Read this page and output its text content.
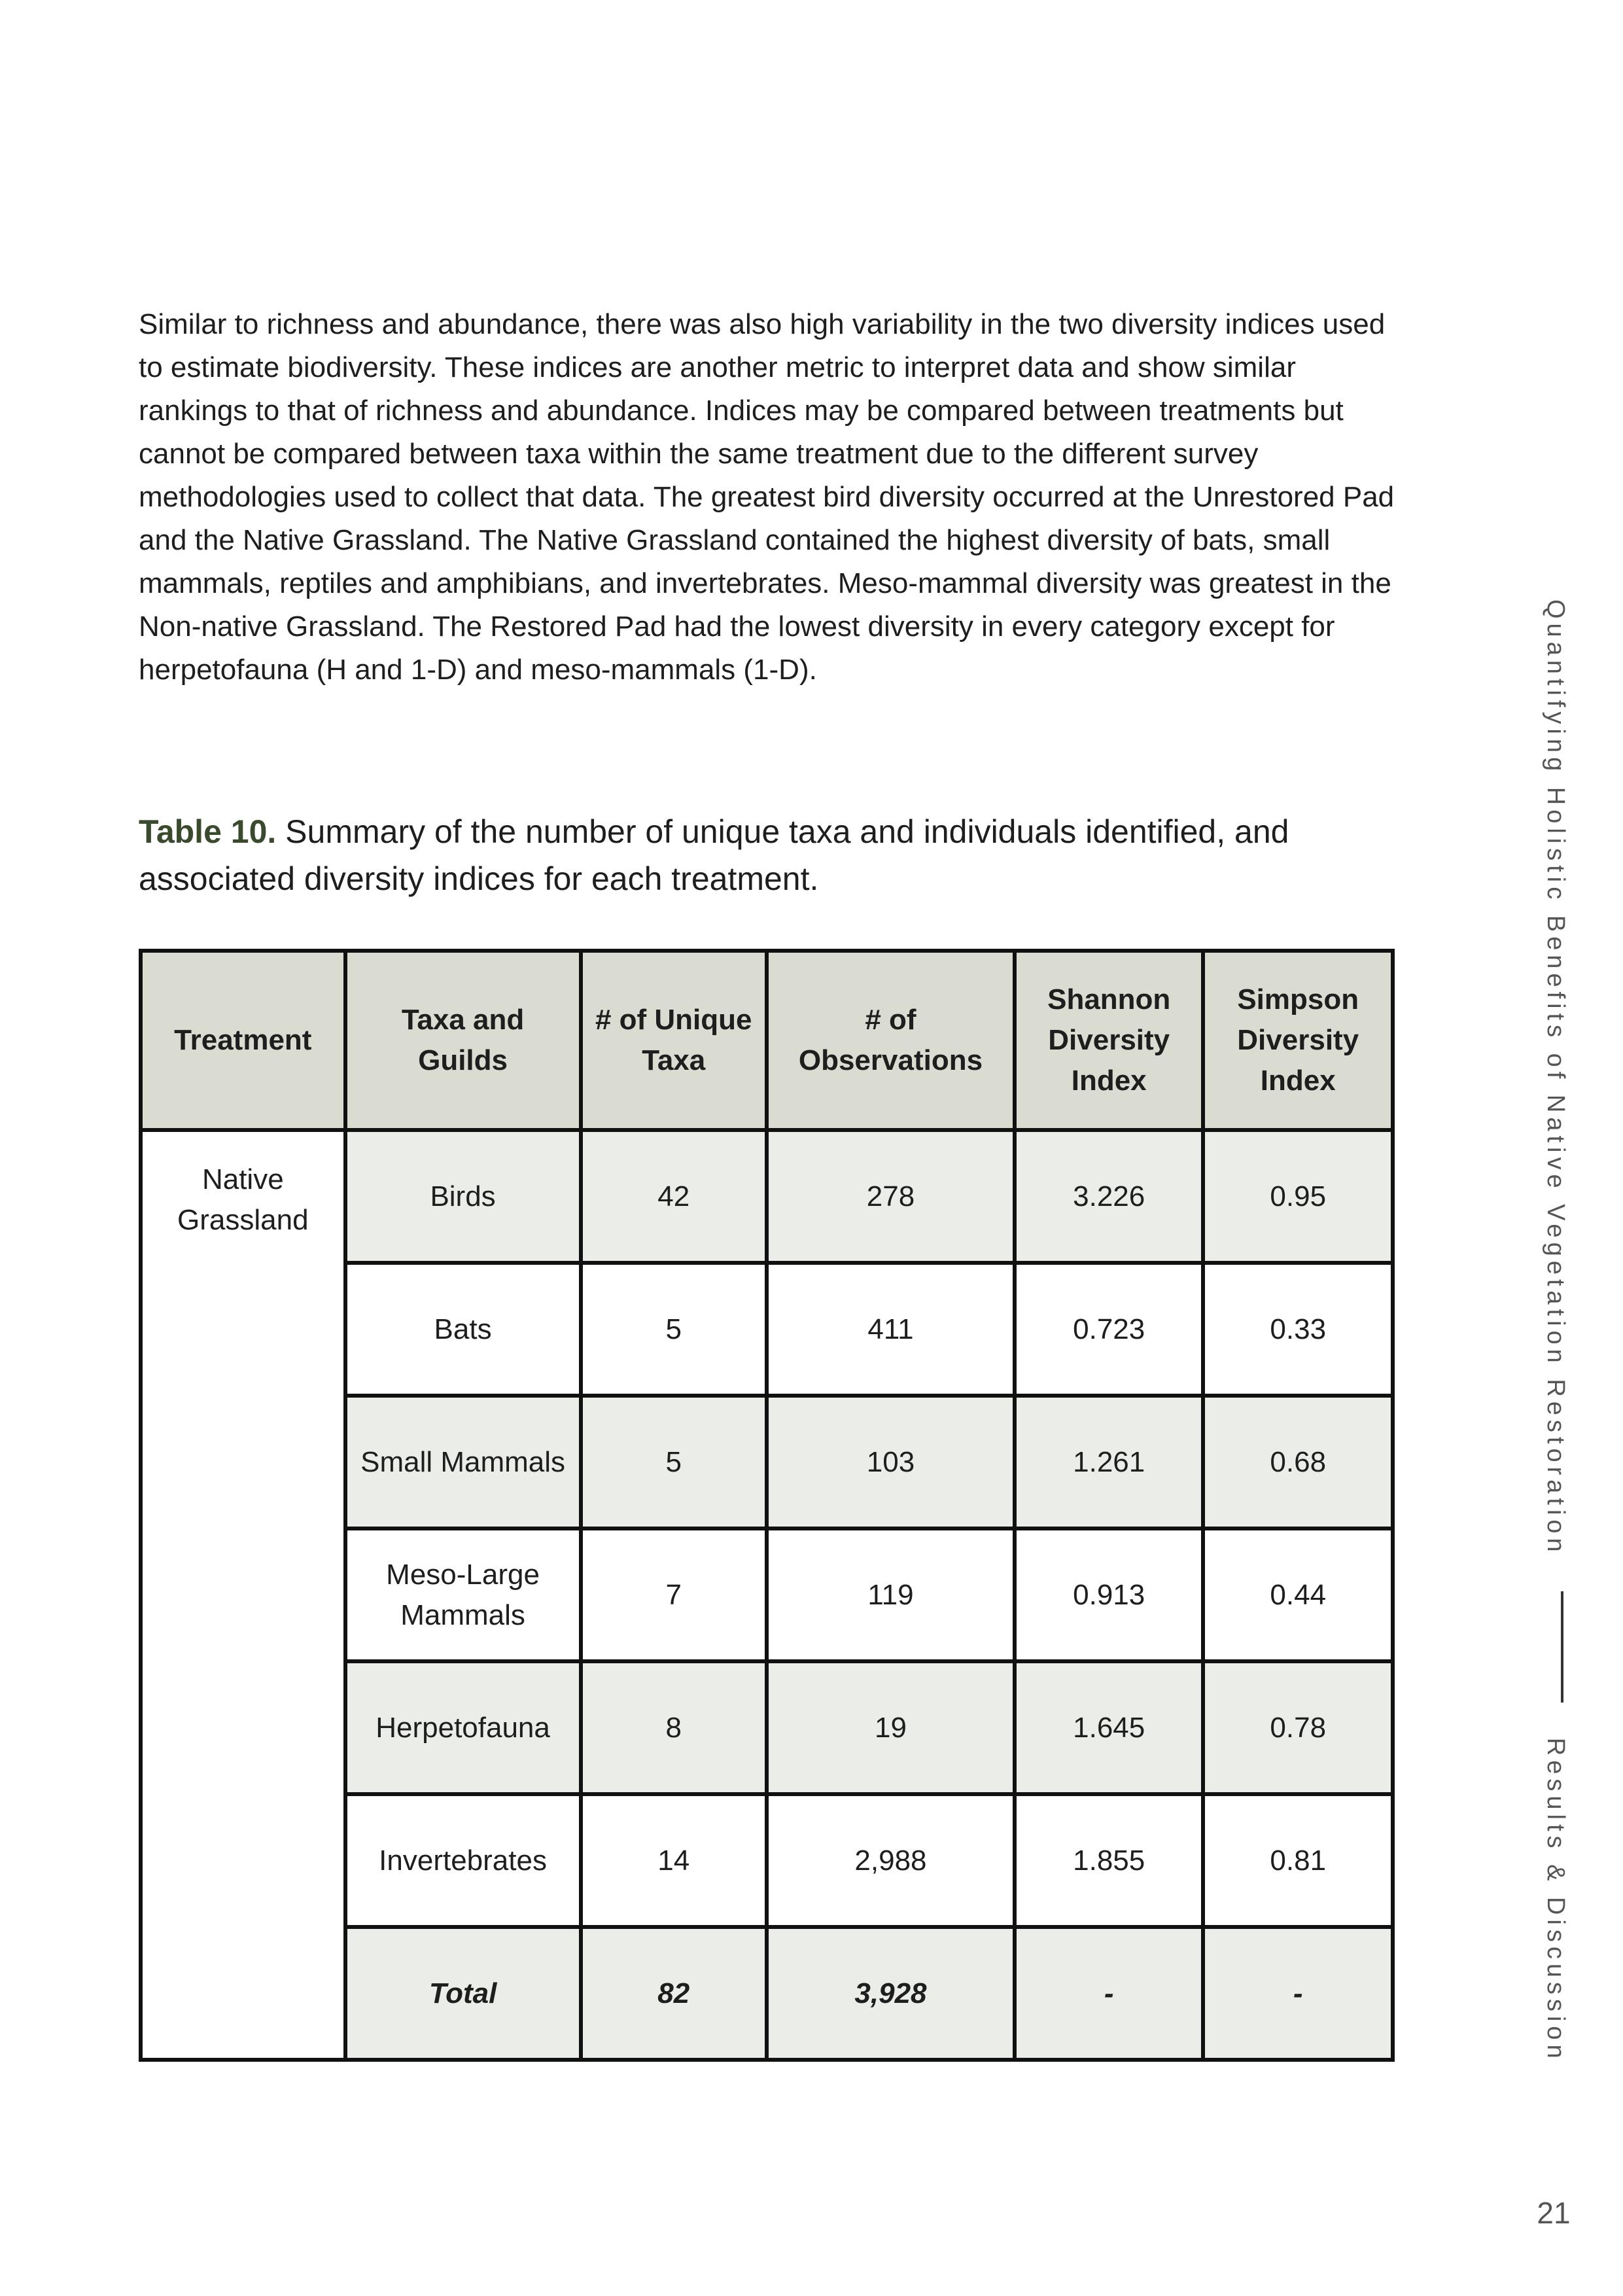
Similar to richness and abundance, there was also high variability in the two diversity indices used to estimate biodiversity. These indices are another metric to interpret data and show similar rankings to that of richness and abundance. Indices may be compared between treatments but cannot be compared between taxa within the same treatment due to the different survey methodologies used to collect that data. The greatest bird diversity occurred at the Unrestored Pad and the Native Grassland. The Native Grassland contained the highest diversity of bats, small mammals, reptiles and amphibians, and invertebrates. Meso-mammal diversity was greatest in the Non-native Grassland. The Restored Pad had the lowest diversity in every category except for herpetofauna (H and 1-D) and meso-mammals (1-D).

Table 10. Summary of the number of unique taxa and individuals identified, and associated diversity indices for each treatment.

Treatment	Taxa and Guilds	# of Unique Taxa	# of Observations	Shannon Diversity Index	Simpson Diversity Index
Native Grassland	Birds	42	278	3.226	0.95
	Bats	5	411	0.723	0.33
	Small Mammals	5	103	1.261	0.68
	Meso-Large Mammals	7	119	0.913	0.44
	Herpetofauna	8	19	1.645	0.78
	Invertebrates	14	2,988	1.855	0.81
	Total	82	3,928	-	-
Quantifying Holistic Benefits of Native Vegetation Restoration  Results & Discussion
21
